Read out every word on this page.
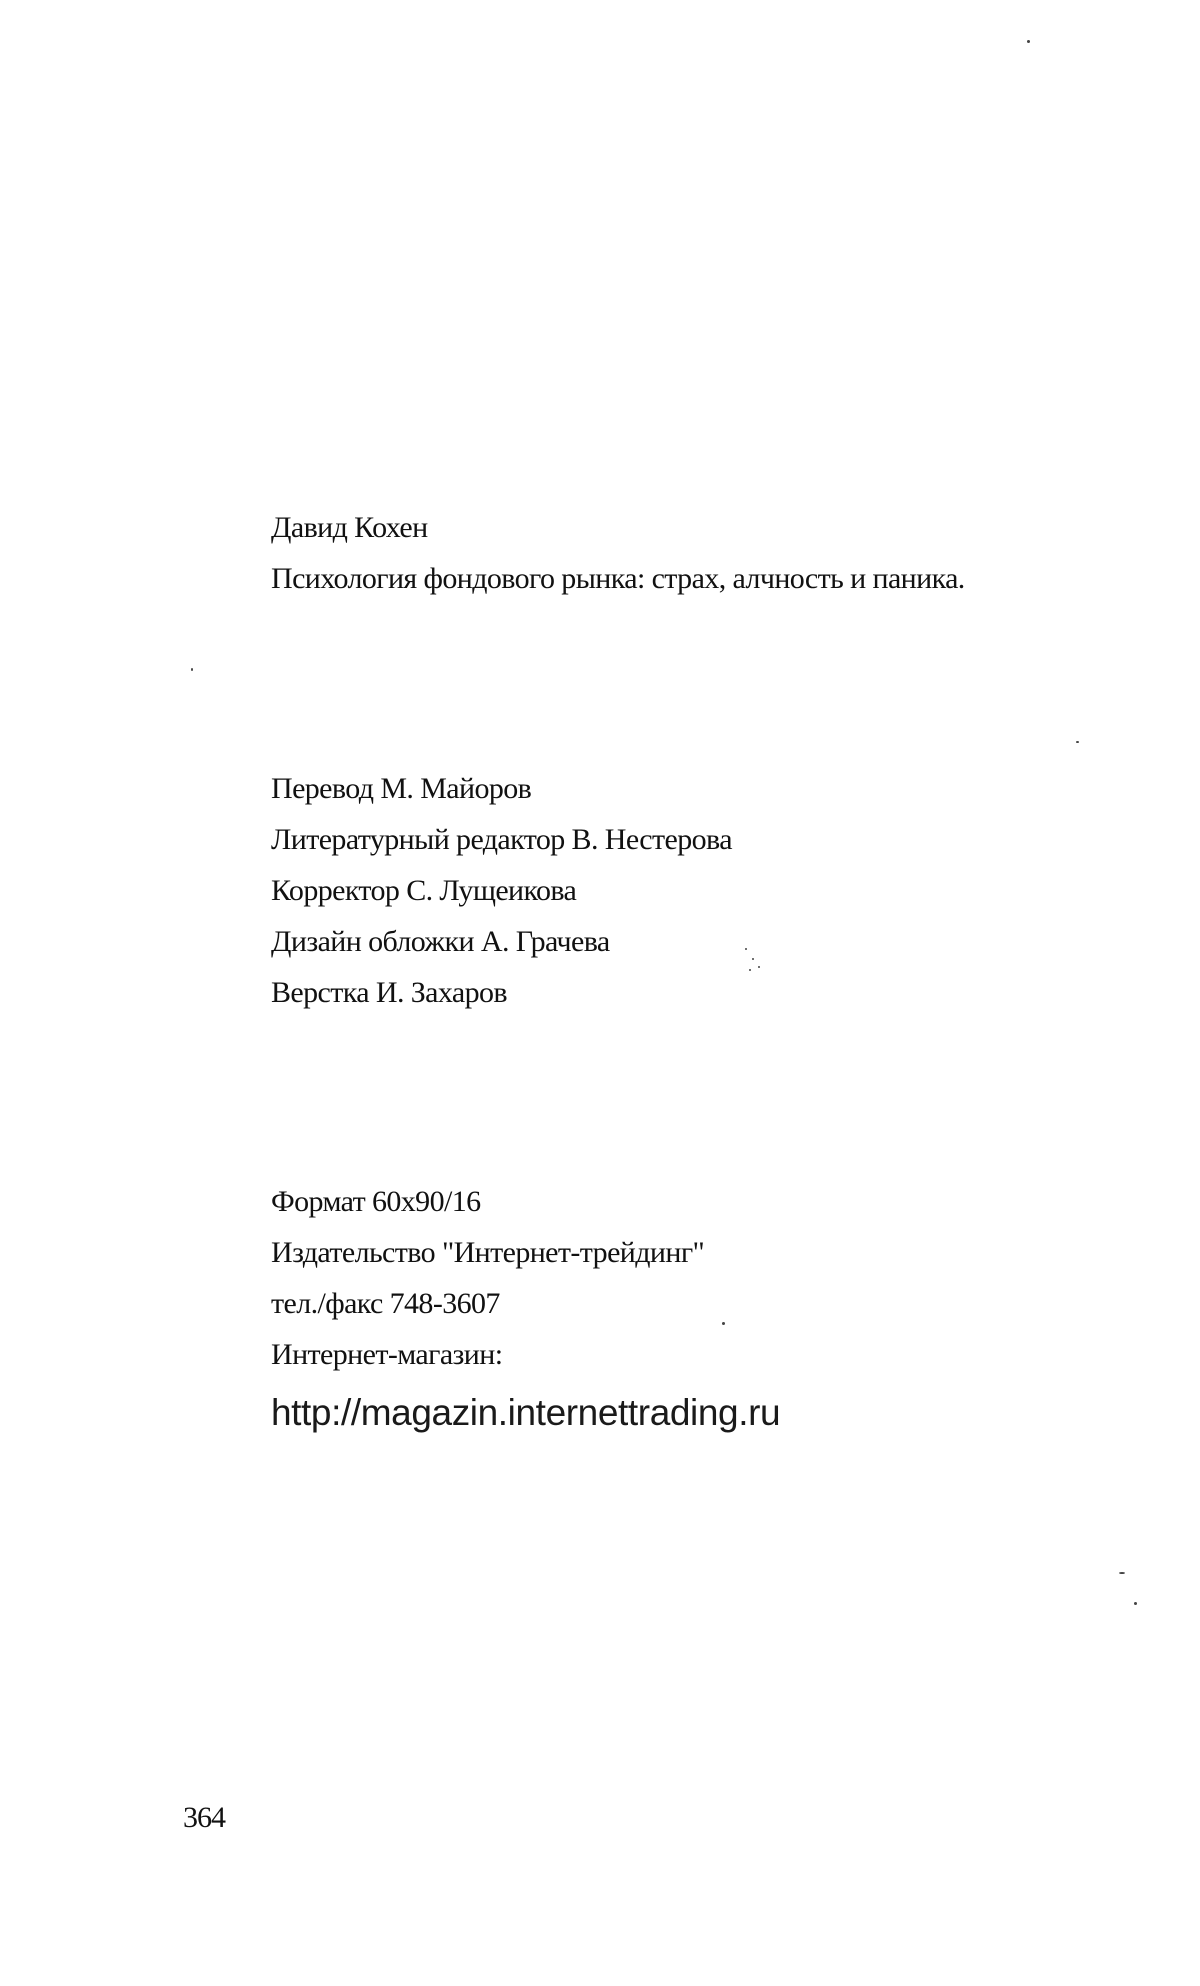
Давид Кохен
Психология фондового рынка: страх, алчность и паника.
Перевод М. Майоров
Литературный редактор В. Нестерова
Корректор С. Лущеикова
Дизайн обложки А. Грачева
Верстка И. Захаров
Формат 60x90/16
Издательство "Интернет-трейдинг"
тел./факс 748-3607
Интернет-магазин:
http://magazin.internettrading.ru
364
